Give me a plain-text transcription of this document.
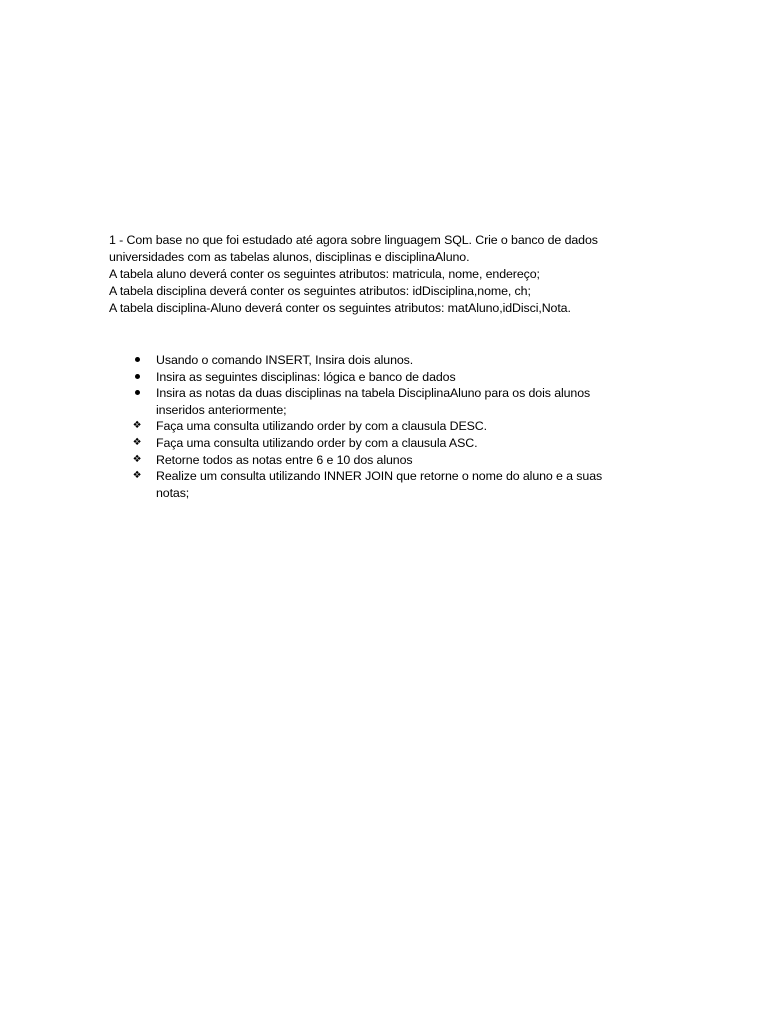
1 - Com base no que foi estudado até agora sobre linguagem SQL. Crie o banco de dados universidades com as tabelas alunos, disciplinas e disciplinaAluno.

A tabela aluno deverá conter os seguintes atributos: matricula, nome, endereço;

A tabela disciplina deverá conter os seguintes atributos: idDisciplina,nome, ch;

A tabela disciplina-Aluno deverá conter os seguintes atributos: matAluno,idDisci,Nota.

Usando o comando INSERT, Insira dois alunos.
Insira as seguintes disciplinas: lógica e banco de dados
Insira as notas da duas disciplinas na tabela DisciplinaAluno para os dois alunos inseridos anteriormente;
❖ Faça uma consulta utilizando order by com a clausula DESC.
❖ Faça uma consulta utilizando order by com a clausula ASC.
❖ Retorne todos as notas entre 6 e 10 dos alunos
❖ Realize um consulta utilizando INNER JOIN que retorne o nome do aluno e a suas notas;
